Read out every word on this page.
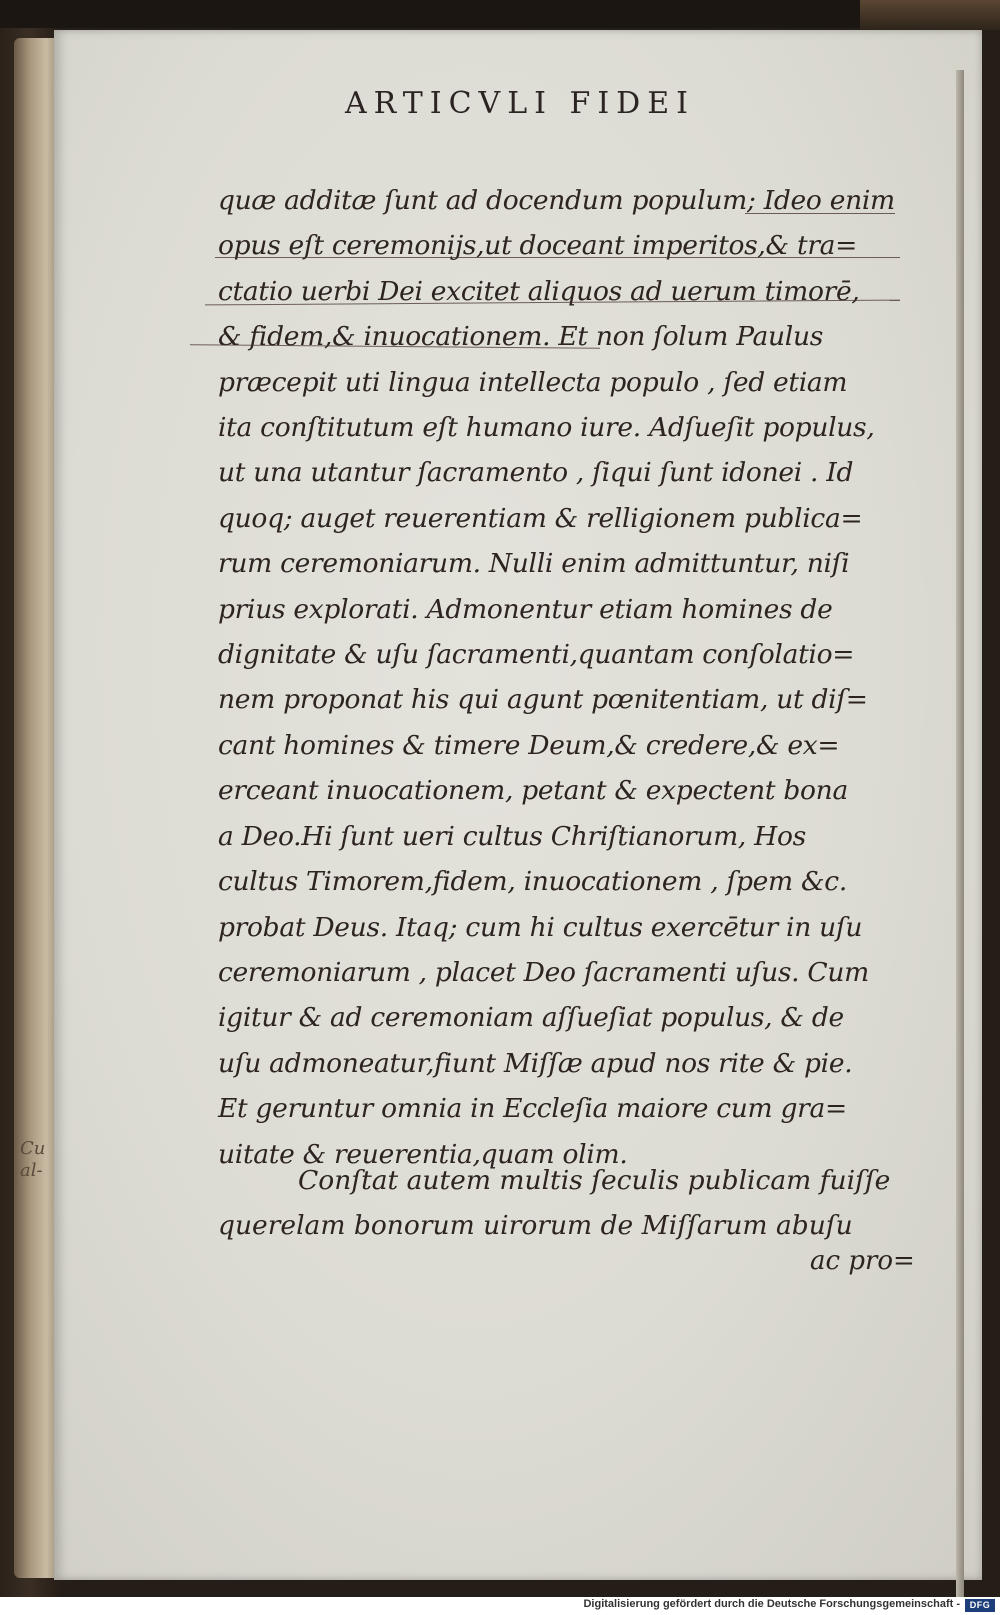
ARTICVLI FIDEI
quæ additæ ſunt ad docendum populum; Ideo enim
opus eſt ceremonijs,ut doceant imperitos,& tra=
ctatio uerbi Dei excitet aliquos ad uerum timorē,
& fidem,& inuocationem. Et non ſolum Paulus
præcepit uti lingua intellecta populo , ſed etiam
ita conſtitutum eſt humano iure. Adſueſit populus,
ut una utantur ſacramento , ſiqui ſunt idonei . Id
quoq; auget reuerentiam & relligionem publica=
rum ceremoniarum. Nulli enim admittuntur, niſi
prius explorati. Admonentur etiam homines de
dignitate & uſu ſacramenti,quantam conſolatio=
nem proponat his qui agunt pœnitentiam, ut diſ=
cant homines & timere Deum,& credere,& ex=
erceant inuocationem, petant & expectent bona
a Deo.Hi ſunt ueri cultus Chriſtianorum, Hos
cultus Timorem,fidem, inuocationem , ſpem &c.
probat Deus. Itaq; cum hi cultus exercētur in uſu
ceremoniarum , placet Deo ſacramenti uſus. Cum
igitur & ad ceremoniam aſſueſiat populus, & de
uſu admoneatur,fiunt Miſſæ apud nos rite & pie.
Et geruntur omnia in Eccleſia maiore cum gra=
uitate & reuerentia,quam olim.
Conſtat autem multis ſeculis publicam fuiſſe
querelam bonorum uirorum de Miſſarum abuſu
ac pro=
Cu
al-
Digitalisierung gefördert durch die Deutsche Forschungsgemeinschaft -	DFG
